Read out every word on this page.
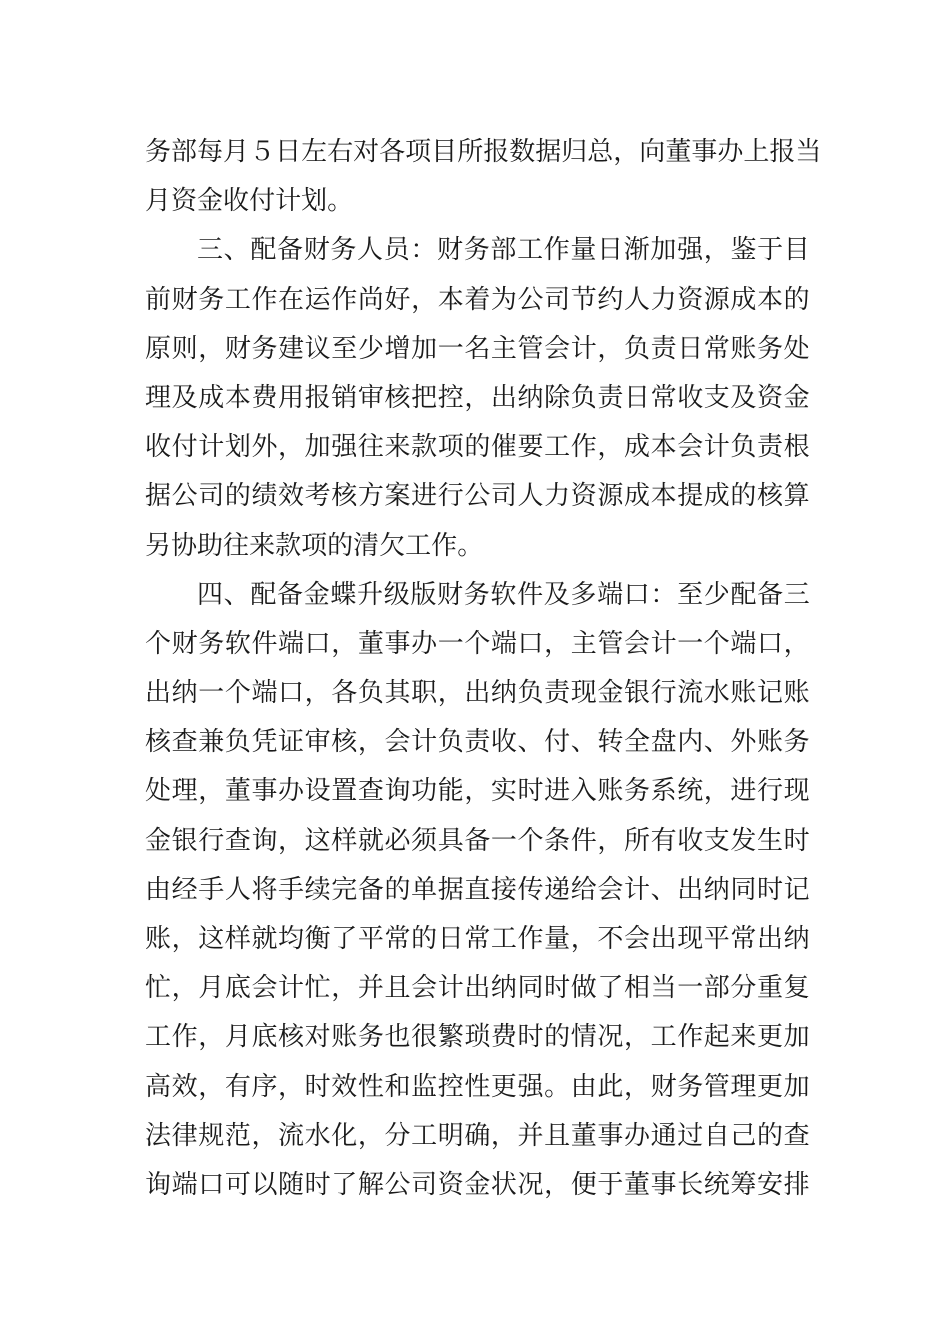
务 部 每 月 ５ 日 左 右 对 各 项 目 所 报 数 据 归 总 ， 向 董 事 办 上 报 当
月 资 金 收 付 计 划 。
三 、 配 备 财 务 人 员 ： 财 务 部 工 作 量 日 渐 加 强 ， 鉴 于 目
前 财 务 工 作 在 运 作 尚 好 ， 本 着 为 公 司 节 约 人 力 资 源 成 本 的
原 则 ， 财 务 建 议 至 少 增 加 一 名 主 管 会 计 ， 负 责 日 常 账 务 处
理 及 成 本 费 用 报 销 审 核 把 控 ， 出 纳 除 负 责 日 常 收 支 及 资 金
收 付 计 划 外 ， 加 强 往 来 款 项 的 催 要 工 作 ， 成 本 会 计 负 责 根
据 公 司 的 绩 效 考 核 方 案 进 行 公 司 人 力 资 源 成 本 提 成 的 核 算
另 协 助 往 来 款 项 的 清 欠 工 作 。
四 、 配 备 金 蝶 升 级 版 财 务 软 件 及 多 端 口 ： 至 少 配 备 三
个 财 务 软 件 端 口 ， 董 事 办 一 个 端 口 ， 主 管 会 计 一 个 端 口 ，
出 纳 一 个 端 口 ， 各 负 其 职 ， 出 纳 负 责 现 金 银 行 流 水 账 记 账
核 查 兼 负 凭 证 审 核 ， 会 计 负 责 收 、 付 、 转 全 盘 内 、 外 账 务
处 理 ， 董 事 办 设 置 查 询 功 能 ， 实 时 进 入 账 务 系 统 ， 进 行 现
金 银 行 查 询 ， 这 样 就 必 须 具 备 一 个 条 件 ， 所 有 收 支 发 生 时
由 经 手 人 将 手 续 完 备 的 单 据 直 接 传 递 给 会 计 、 出 纳 同 时 记
账 ， 这 样 就 均 衡 了 平 常 的 日 常 工 作 量 ， 不 会 出 现 平 常 出 纳
忙 ， 月 底 会 计 忙 ， 并 且 会 计 出 纳 同 时 做 了 相 当 一 部 分 重 复
工 作 ， 月 底 核 对 账 务 也 很 繁 琐 费 时 的 情 况 ， 工 作 起 来 更 加
高 效 ， 有 序 ， 时 效 性 和 监 控 性 更 强 。 由 此 ， 财 务 管 理 更 加
法 律 规 范 ， 流 水 化 ， 分 工 明 确 ， 并 且 董 事 办 通 过 自 己 的 查
询 端 口 可 以 随 时 了 解 公 司 资 金 状 况 ， 便 于 董 事 长 统 筹 安 排
